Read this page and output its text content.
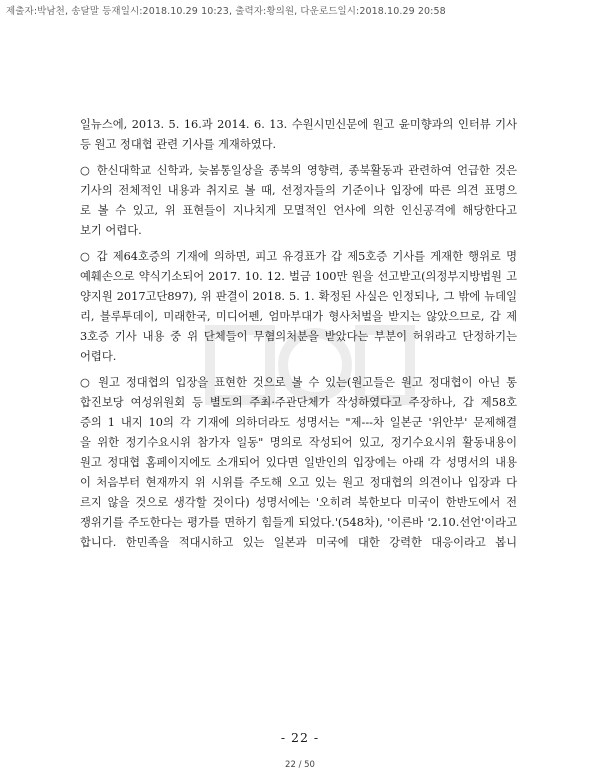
제출자:박남천, 송달말 등재일시:2018.10.29 10:23, 출력자:황의원, 다운로드일시:2018.10.29 20:58
일뉴스에, 2013. 5. 16.과 2014. 6. 13. 수원시민신문에 원고 윤미향과의 인터뷰 기사
등 원고 정대협 관련 기사를 게재하였다.
○ 한신대학교 신학과, 늦봄통일상을 종북의 영향력, 종북활동과 관련하여 언급한 것은
기사의 전체적인 내용과 취지로 볼 때, 선정자들의 기준이나 입장에 따른 의견 표명으
로 볼 수 있고, 위 표현들이 지나치게 모멸적인 언사에 의한 인신공격에 해당한다고
보기 어렵다.
○ 갑 제64호증의 기재에 의하면, 피고 유경표가 갑 제5호증 기사를 게재한 행위로 명
예훼손으로 약식기소되어 2017. 10. 12. 벌금 100만 원을 선고받고(의정부지방법원 고
양지원 2017고단897), 위 판결이 2018. 5. 1. 확정된 사실은 인정되나, 그 밖에 뉴데일
리, 블루투데이, 미래한국, 미디어펜, 엄마부대가 형사처벌을 받지는 않았으므로, 갑 제
3호증 기사 내용 중 위 단체들이 무혐의처분을 받았다는 부분이 허위라고 단정하기는
어렵다.
○ 원고 정대협의 입장을 표현한 것으로 볼 수 있는(원고들은 원고 정대협이 아닌 통
합진보당 여성위원회 등 별도의 주최·주관단체가 작성하였다고 주장하나, 갑 제58호
증의 1 내지 10의 각 기재에 의하더라도 성명서는 "제---차 일본군 '위안부' 문제해결
을 위한 정기수요시위 참가자 일동" 명의로 작성되어 있고, 정기수요시위 활동내용이
원고 정대협 홈페이지에도 소개되어 있다면 일반인의 입장에는 아래 각 성명서의 내용
이 처음부터 현재까지 위 시위를 주도해 오고 있는 원고 정대협의 의견이나 입장과 다
르지 않을 것으로 생각할 것이다) 성명서에는 '오히려 북한보다 미국이 한반도에서 전
쟁위기를 주도한다는 평가를 면하기 힘들게 되었다.'(548차), '이른바 '2.10.선언'이라고
합니다. 한민족을 적대시하고 있는 일본과 미국에 대한 강력한 대응이라고 봅니
- 22 -
22 / 50
